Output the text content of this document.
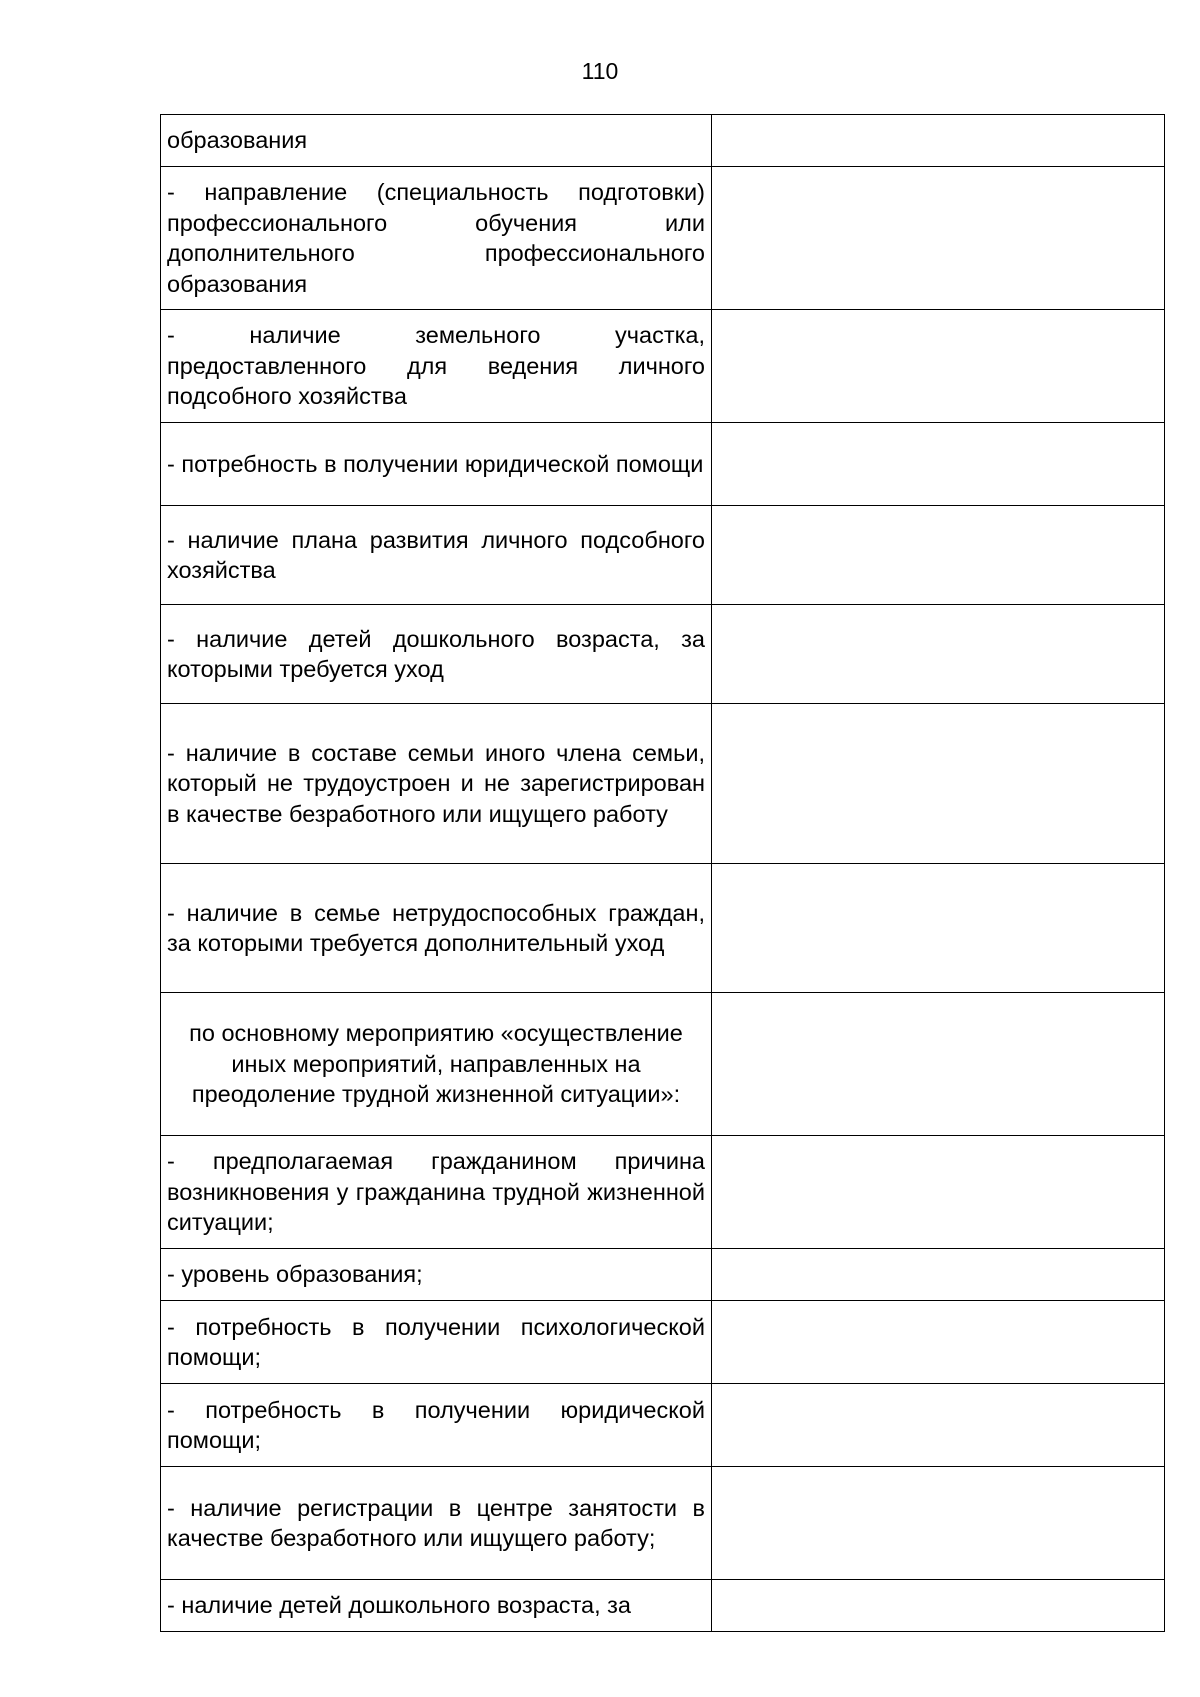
110
образования	
- направление (специальность подготовки) профессионального обучения или дополнительного профессионального образования	
- наличие земельного участка, предоставленного для ведения личного подсобного хозяйства	
- потребность в получении юридической помощи	
- наличие плана развития личного подсобного хозяйства	
- наличие детей дошкольного возраста, за которыми требуется уход	
- наличие в составе семьи иного члена семьи, который не трудоустроен и не зарегистрирован в качестве безработного или ищущего работу	
- наличие в семье нетрудоспособных граждан, за которыми требуется дополнительный уход	
по основному мероприятию «осуществление иных мероприятий, направленных на преодоление трудной жизненной ситуации»:	
- предполагаемая гражданином причина возникновения у гражданина трудной жизненной ситуации;	
- уровень образования;	
- потребность в получении психологической помощи;	
- потребность в получении юридической помощи;	
- наличие регистрации в центре занятости в качестве безработного или ищущего работу;	
- наличие детей дошкольного возраста, за	
